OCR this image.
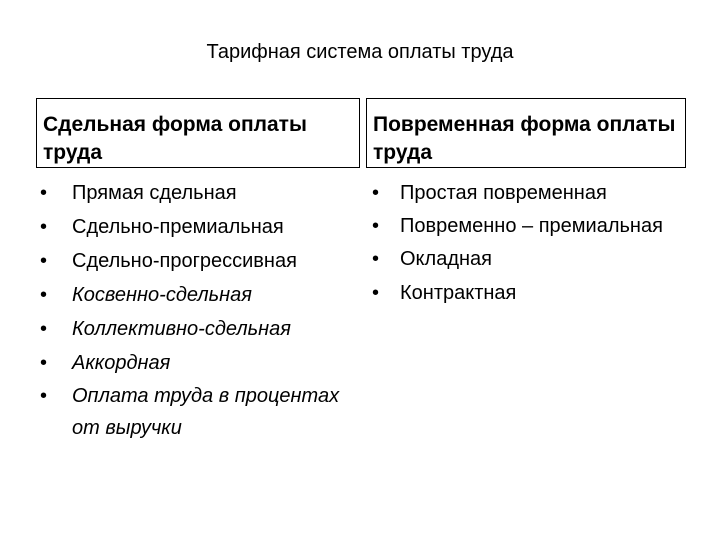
Тарифная система оплаты труда
Сдельная форма оплаты труда
• Прямая сдельная
• Сдельно-премиальная
• Сдельно-прогрессивная
• Косвенно-сдельная
• Коллективно-сдельная
• Аккордная
• Оплата труда в процентах от выручки
Повременная форма оплаты труда
• Простая повременная
• Повременно – премиальная
• Окладная
• Контрактная
